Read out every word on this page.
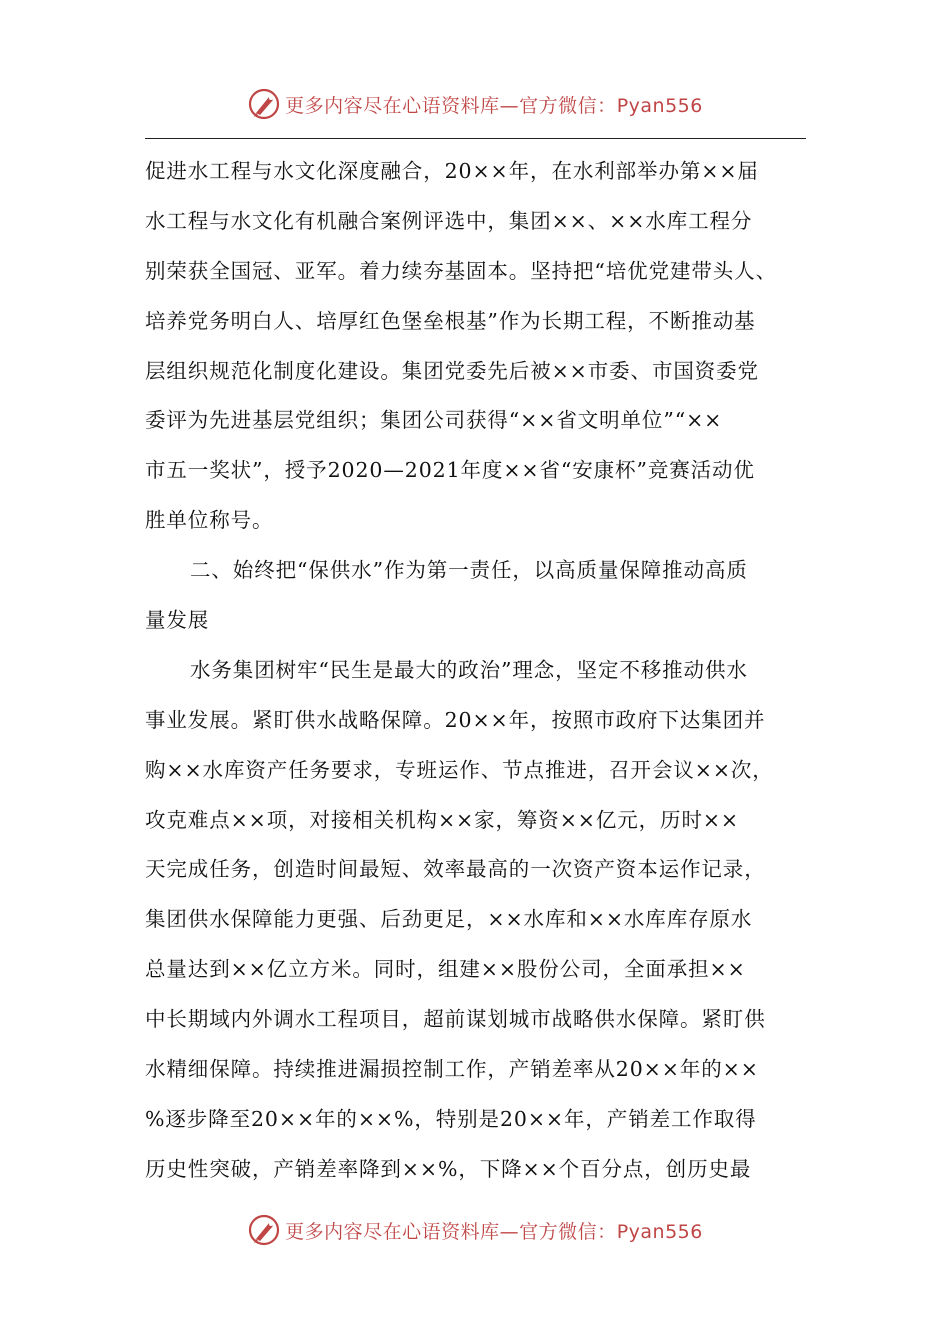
更多内容尽在心语资料库—官方微信：Pyan556
促进水工程与水文化深度融合，20××年，在水利部举办第××届
水工程与水文化有机融合案例评选中，集团××、××水库工程分
别荣获全国冠、亚军。着力续夯基固本。坚持把“培优党建带头人、
培养党务明白人、培厚红色堡垒根基”作为长期工程，不断推动基
层组织规范化制度化建设。集团党委先后被××市委、市国资委党
委评为先进基层党组织；集团公司获得“××省文明单位”“××
市五一奖状”，授予2020—2021年度××省“安康杯”竞赛活动优
胜单位称号。
二、始终把“保供水”作为第一责任，以高质量保障推动高质
量发展
水务集团树牢“民生是最大的政治”理念，坚定不移推动供水
事业发展。紧盯供水战略保障。20××年，按照市政府下达集团并
购××水库资产任务要求，专班运作、节点推进，召开会议××次，
攻克难点××项，对接相关机构××家，筹资××亿元，历时××
天完成任务，创造时间最短、效率最高的一次资产资本运作记录，
集团供水保障能力更强、后劲更足，××水库和××水库库存原水
总量达到××亿立方米。同时，组建××股份公司，全面承担××
中长期域内外调水工程项目，超前谋划城市战略供水保障。紧盯供
水精细保障。持续推进漏损控制工作，产销差率从20××年的××
%逐步降至20××年的××%，特别是20××年，产销差工作取得
历史性突破，产销差率降到××%，下降××个百分点，创历史最
更多内容尽在心语资料库—官方微信：Pyan556
